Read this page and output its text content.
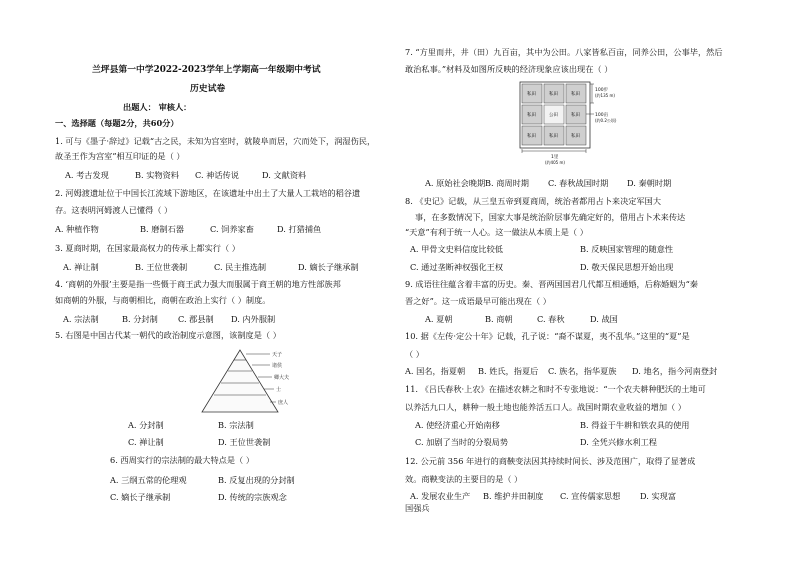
兰坪县第一中学2022-2023学年上学期高一年级期中考试
历史试卷
出题人： 审核人：
一、选择题（每题2分，共60分）
1. 可与《墨子·辞过》记载“古之民，未知为宫室时，就陵阜而居，穴而处下，润湿伤民，
故圣王作为宫室”相互印证的是（ ）
A. 考古发现	B. 实物资料 C. 神话传说	D. 文献资料
2. 河姆渡遗址位于中国长江流域下游地区，在该遗址中出土了大量人工栽培的稻谷遗
存。这表明河姆渡人已懂得（ ）
A. 种植作物	B. 磨制石器	C. 饲养家畜	D. 打猎捕鱼
3. 夏商时期，在国家最高权力的传承上都实行（ ）
A. 禅让制	B. 王位世袭制	C. 民主推选制	D. 嫡长子继承制
4. ‘商朝的外服’主要是指一些慑于商王武力强大而服属于商王朝的地方性部族邦
如商朝的外服，与商朝相比，商朝在政治上实行（ ）制度。
A. 宗法制	B. 分封制 C. 郡县制 D. 内外服制
5. 右图是中国古代某一朝代的政治制度示意图，该制度是（ ）
天子
诸侯
卿大夫
士
庶人
A. 分封制	B. 宗法制
C. 禅让制	D. 王位世袭制
6. 西周实行的宗法制的最大特点是（ ）
A. 三纲五常的伦理观	B. 反复出现的分封制
C. 嫡长子继承制	D. 传统的宗族观念
7. “方里而井，井（田）九百亩，其中为公田。八家皆私百亩，同养公田，公事毕，然后
敢治私事。”材料及如图所反映的经济现象应该出现在（ ）
私田	私田	私田
私田	公田	私田
私田	私田	私田
100步
(约135 m)
100亩
(约0.2公顷)
1里
(约405 m)
A. 原始社会晚期 B. 商周时期 C. 春秋战国时期 D. 秦朝时期
8. 《史记》记载，从三皇五帝到夏商周，统治者都用占卜来决定军国大
事，在多数情况下，国家大事是统治阶层事先确定好的，借用占卜术来传达
“天意”有利于统一人心。这一做法从本质上是（ ）
A. 甲骨文史料信度比较低	B. 反映国家管理的随意性
C. 通过垄断神权强化王权	D. 敬天保民思想开始出现
9. 成语往往蕴含着丰富的历史。秦、晋两国国君几代都互相通婚，后称婚姻为“秦
晋之好”。这一成语最早可能出现在（ ）
A. 夏朝	B. 商朝	C. 春秋	D. 战国
10. 据《左传·定公十年》记载，孔子说：“裔不谋夏，夷不乱华。”这里的“夏”是
（ ）
A. 国名，指夏朝 B. 姓氏，指夏后 C. 族名，指华夏族 D. 地名，指今河南登封
11. 《吕氏春秋·上农》在描述农耕之和时不专张地说：“一个农夫耕种肥沃的土地可
以养活九口人，耕种一般土地也能养活五口人。战国时期农业收益的增加（ ）
A. 使经济重心开始南移	B. 得益于牛耕和铁农具的使用
C. 加剧了当时的分裂局势	D. 全凭兴修水利工程
12. 公元前 356 年进行的商鞅变法因其持续时间长、涉及范围广，取得了显著成
效。商鞅变法的主要目的是（ ）
A. 发展农业生产 B. 维护井田制度 C. 宣传儒家思想 D. 实现富
国强兵
